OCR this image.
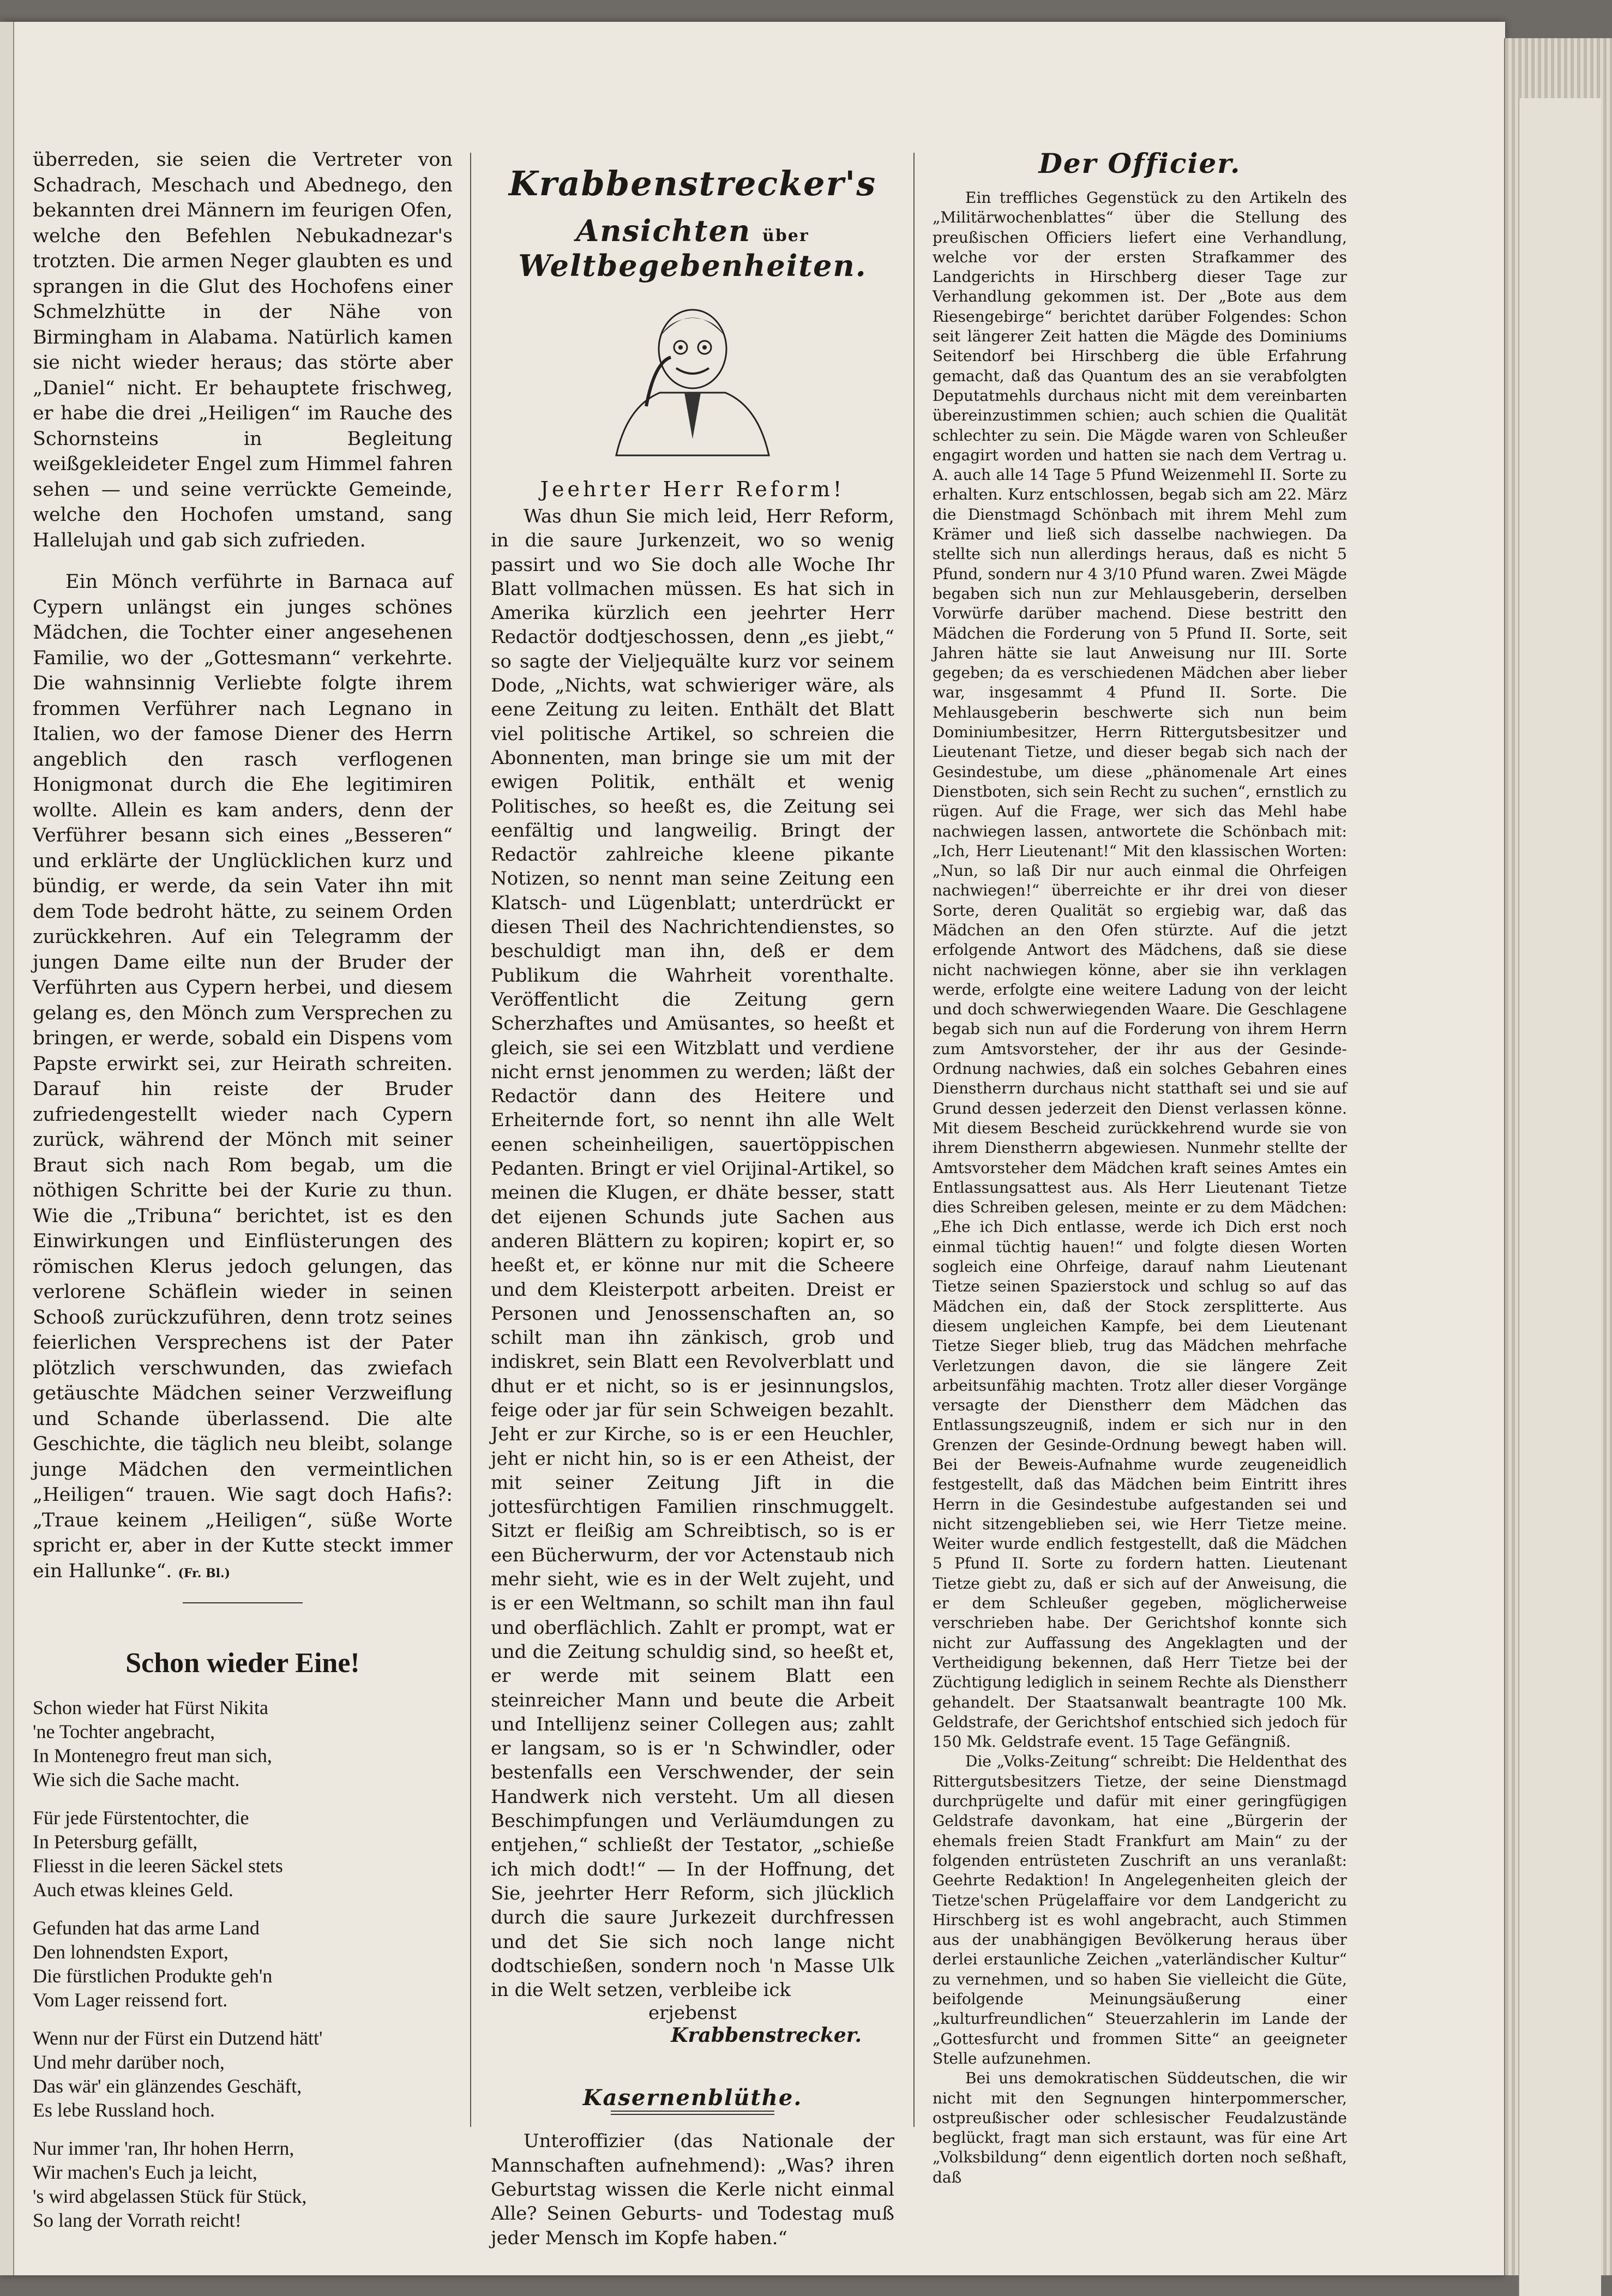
überreden, sie seien die Vertreter von Schadrach, Meschach und Abednego, den bekannten drei Männern im feurigen Ofen, welche den Befehlen Nebukadnezar's trotzten. Die armen Neger glaubten es und sprangen in die Glut des Hochofens einer Schmelzhütte in der Nähe von Birmingham in Alabama. Natürlich kamen sie nicht wieder heraus; das störte aber „Daniel“ nicht. Er behauptete frischweg, er habe die drei „Heiligen“ im Rauche des Schornsteins in Begleitung weißgekleideter Engel zum Himmel fahren sehen — und seine verrückte Gemeinde, welche den Hochofen umstand, sang Hallelujah und gab sich zufrieden.

Ein Mönch verführte in Barnaca auf Cypern unlängst ein junges schönes Mädchen, die Tochter einer angesehenen Familie, wo der „Gottesmann“ verkehrte. Die wahnsinnig Verliebte folgte ihrem frommen Verführer nach Legnano in Italien, wo der famose Diener des Herrn angeblich den rasch verflogenen Honigmonat durch die Ehe legitimiren wollte. Allein es kam anders, denn der Verführer besann sich eines „Besseren“ und erklärte der Unglücklichen kurz und bündig, er werde, da sein Vater ihn mit dem Tode bedroht hätte, zu seinem Orden zurückkehren. Auf ein Telegramm der jungen Dame eilte nun der Bruder der Verführten aus Cypern herbei, und diesem gelang es, den Mönch zum Versprechen zu bringen, er werde, sobald ein Dispens vom Papste erwirkt sei, zur Heirath schreiten. Darauf hin reiste der Bruder zufriedengestellt wieder nach Cypern zurück, während der Mönch mit seiner Braut sich nach Rom begab, um die nöthigen Schritte bei der Kurie zu thun. Wie die „Tribuna“ berichtet, ist es den Einwirkungen und Einflüsterungen des römischen Klerus jedoch gelungen, das verlorene Schäflein wieder in seinen Schooß zurückzuführen, denn trotz seines feierlichen Versprechens ist der Pater plötzlich verschwunden, das zwiefach getäuschte Mädchen seiner Verzweiflung und Schande überlassend. Die alte Geschichte, die täglich neu bleibt, solange junge Mädchen den vermeintlichen „Heiligen“ trauen. Wie sagt doch Hafis?: „Traue keinem „Heiligen“, süße Worte spricht er, aber in der Kutte steckt immer ein Hallunke“. (Fr. Bl.)

Schon wieder Eine!
Schon wieder hat Fürst Nikita
'ne Tochter angebracht,
In Montenegro freut man sich,
Wie sich die Sache macht.
Für jede Fürstentochter, die
In Petersburg gefällt,
Fliesst in die leeren Säckel stets
Auch etwas kleines Geld.
Gefunden hat das arme Land
Den lohnendsten Export,
Die fürstlichen Produkte geh'n
Vom Lager reissend fort.
Wenn nur der Fürst ein Dutzend hätt'
Und mehr darüber noch,
Das wär' ein glänzendes Geschäft,
Es lebe Russland hoch.
Nur immer 'ran, Ihr hohen Herrn,
Wir machen's Euch ja leicht,
's wird abgelassen Stück für Stück,
So lang der Vorrath reicht!
Krabbenstrecker's
Ansichten über Weltbegebenheiten.
Jeehrter Herr Reform!

Was dhun Sie mich leid, Herr Reform, in die saure Jurkenzeit, wo so wenig passirt und wo Sie doch alle Woche Ihr Blatt vollmachen müssen. Es hat sich in Amerika kürzlich een jeehrter Herr Redactör dodtjeschossen, denn „es jiebt,“ so sagte der Vieljequälte kurz vor seinem Dode, „Nichts, wat schwieriger wäre, als eene Zeitung zu leiten. Enthält det Blatt viel politische Artikel, so schreien die Abonnenten, man bringe sie um mit der ewigen Politik, enthält et wenig Politisches, so heeßt es, die Zeitung sei eenfältig und langweilig. Bringt der Redactör zahlreiche kleene pikante Notizen, so nennt man seine Zeitung een Klatsch- und Lügenblatt; unterdrückt er diesen Theil des Nachrichtendienstes, so beschuldigt man ihn, deß er dem Publikum die Wahrheit vorenthalte. Veröffentlicht die Zeitung gern Scherzhaftes und Amüsantes, so heeßt et gleich, sie sei een Witzblatt und verdiene nicht ernst jenommen zu werden; läßt der Redactör dann des Heitere und Erheiternde fort, so nennt ihn alle Welt eenen scheinheiligen, sauertöppischen Pedanten. Bringt er viel Orijinal-Artikel, so meinen die Klugen, er dhäte besser, statt det eijenen Schunds jute Sachen aus anderen Blättern zu kopiren; kopirt er, so heeßt et, er könne nur mit die Scheere und dem Kleisterpott arbeiten. Dreist er Personen und Jenossenschaften an, so schilt man ihn zänkisch, grob und indiskret, sein Blatt een Revolverblatt und dhut er et nicht, so is er jesinnungslos, feige oder jar für sein Schweigen bezahlt. Jeht er zur Kirche, so is er een Heuchler, jeht er nicht hin, so is er een Atheist, der mit seiner Zeitung Jift in die jottesfürchtigen Familien rinschmuggelt. Sitzt er fleißig am Schreibtisch, so is er een Bücherwurm, der vor Actenstaub nich mehr sieht, wie es in der Welt zujeht, und is er een Weltmann, so schilt man ihn faul und oberflächlich. Zahlt er prompt, wat er und die Zeitung schuldig sind, so heeßt et, er werde mit seinem Blatt een steinreicher Mann und beute die Arbeit und Intellijenz seiner Collegen aus; zahlt er langsam, so is er 'n Schwindler, oder bestenfalls een Verschwender, der sein Handwerk nich versteht. Um all diesen Beschimpfungen und Verläumdungen zu entjehen,“ schließt der Testator, „schieße ich mich dodt!“ — In der Hoffnung, det Sie, jeehrter Herr Reform, sich jlücklich durch die saure Jurkezeit durchfressen und det Sie sich noch lange nicht dodtschießen, sondern noch 'n Masse Ulk in die Welt setzen, verbleibe ick

erjebenst
Krabbenstrecker.
Kasernenblüthe.

Unteroffizier (das Nationale der Mannschaften aufnehmend): „Was? ihren Geburtstag wissen die Kerle nicht einmal Alle? Seinen Geburts- und Todestag muß jeder Mensch im Kopfe haben.“

Der Officier.

Ein treffliches Gegenstück zu den Artikeln des „Militärwochenblattes“ über die Stellung des preußischen Officiers liefert eine Verhandlung, welche vor der ersten Strafkammer des Landgerichts in Hirschberg dieser Tage zur Verhandlung gekommen ist. Der „Bote aus dem Riesengebirge“ berichtet darüber Folgendes: Schon seit längerer Zeit hatten die Mägde des Dominiums Seitendorf bei Hirschberg die üble Erfahrung gemacht, daß das Quantum des an sie verabfolgten Deputatmehls durchaus nicht mit dem vereinbarten übereinzustimmen schien; auch schien die Qualität schlechter zu sein. Die Mägde waren von Schleußer engagirt worden und hatten sie nach dem Vertrag u. A. auch alle 14 Tage 5 Pfund Weizenmehl II. Sorte zu erhalten. Kurz entschlossen, begab sich am 22. März die Dienstmagd Schönbach mit ihrem Mehl zum Krämer und ließ sich dasselbe nachwiegen. Da stellte sich nun allerdings heraus, daß es nicht 5 Pfund, sondern nur 4 3/10 Pfund waren. Zwei Mägde begaben sich nun zur Mehlausgeberin, derselben Vorwürfe darüber machend. Diese bestritt den Mädchen die Forderung von 5 Pfund II. Sorte, seit Jahren hätte sie laut Anweisung nur III. Sorte gegeben; da es verschiedenen Mädchen aber lieber war, insgesammt 4 Pfund II. Sorte. Die Mehlausgeberin beschwerte sich nun beim Dominiumbesitzer, Herrn Rittergutsbesitzer und Lieutenant Tietze, und dieser begab sich nach der Gesindestube, um diese „phänomenale Art eines Dienstboten, sich sein Recht zu suchen“, ernstlich zu rügen. Auf die Frage, wer sich das Mehl habe nachwiegen lassen, antwortete die Schönbach mit: „Ich, Herr Lieutenant!“ Mit den klassischen Worten: „Nun, so laß Dir nur auch einmal die Ohrfeigen nachwiegen!“ überreichte er ihr drei von dieser Sorte, deren Qualität so ergiebig war, daß das Mädchen an den Ofen stürzte. Auf die jetzt erfolgende Antwort des Mädchens, daß sie diese nicht nachwiegen könne, aber sie ihn verklagen werde, erfolgte eine weitere Ladung von der leicht und doch schwerwiegenden Waare. Die Geschlagene begab sich nun auf die Forderung von ihrem Herrn zum Amtsvorsteher, der ihr aus der Gesinde-Ordnung nachwies, daß ein solches Gebahren eines Dienstherrn durchaus nicht statthaft sei und sie auf Grund dessen jederzeit den Dienst verlassen könne. Mit diesem Bescheid zurückkehrend wurde sie von ihrem Dienstherrn abgewiesen. Nunmehr stellte der Amtsvorsteher dem Mädchen kraft seines Amtes ein Entlassungsattest aus. Als Herr Lieutenant Tietze dies Schreiben gelesen, meinte er zu dem Mädchen: „Ehe ich Dich entlasse, werde ich Dich erst noch einmal tüchtig hauen!“ und folgte diesen Worten sogleich eine Ohrfeige, darauf nahm Lieutenant Tietze seinen Spazierstock und schlug so auf das Mädchen ein, daß der Stock zersplitterte. Aus diesem ungleichen Kampfe, bei dem Lieutenant Tietze Sieger blieb, trug das Mädchen mehrfache Verletzungen davon, die sie längere Zeit arbeitsunfähig machten. Trotz aller dieser Vorgänge versagte der Dienstherr dem Mädchen das Entlassungszeugniß, indem er sich nur in den Grenzen der Gesinde-Ordnung bewegt haben will. Bei der Beweis-Aufnahme wurde zeugeneidlich festgestellt, daß das Mädchen beim Eintritt ihres Herrn in die Gesindestube aufgestanden sei und nicht sitzengeblieben sei, wie Herr Tietze meine. Weiter wurde endlich festgestellt, daß die Mädchen 5 Pfund II. Sorte zu fordern hatten. Lieutenant Tietze giebt zu, daß er sich auf der Anweisung, die er dem Schleußer gegeben, möglicherweise verschrieben habe. Der Gerichtshof konnte sich nicht zur Auffassung des Angeklagten und der Vertheidigung bekennen, daß Herr Tietze bei der Züchtigung lediglich in seinem Rechte als Dienstherr gehandelt. Der Staatsanwalt beantragte 100 Mk. Geldstrafe, der Gerichtshof entschied sich jedoch für 150 Mk. Geldstrafe event. 15 Tage Gefängniß.

Die „Volks-Zeitung“ schreibt: Die Heldenthat des Rittergutsbesitzers Tietze, der seine Dienstmagd durchprügelte und dafür mit einer geringfügigen Geldstrafe davonkam, hat eine „Bürgerin der ehemals freien Stadt Frankfurt am Main“ zu der folgenden entrüsteten Zuschrift an uns veranlaßt: Geehrte Redaktion! In Angelegenheiten gleich der Tietze'schen Prügelaffaire vor dem Landgericht zu Hirschberg ist es wohl angebracht, auch Stimmen aus der unabhängigen Bevölkerung heraus über derlei erstaunliche Zeichen „vaterländischer Kultur“ zu vernehmen, und so haben Sie vielleicht die Güte, beifolgende Meinungsäußerung einer „kulturfreundlichen“ Steuerzahlerin im Lande der „Gottesfurcht und frommen Sitte“ an geeigneter Stelle aufzunehmen.

Bei uns demokratischen Süddeutschen, die wir nicht mit den Segnungen hinterpommerscher, ostpreußischer oder schlesischer Feudalzustände beglückt, fragt man sich erstaunt, was für eine Art „Volksbildung“ denn eigentlich dorten noch seßhaft, daß
